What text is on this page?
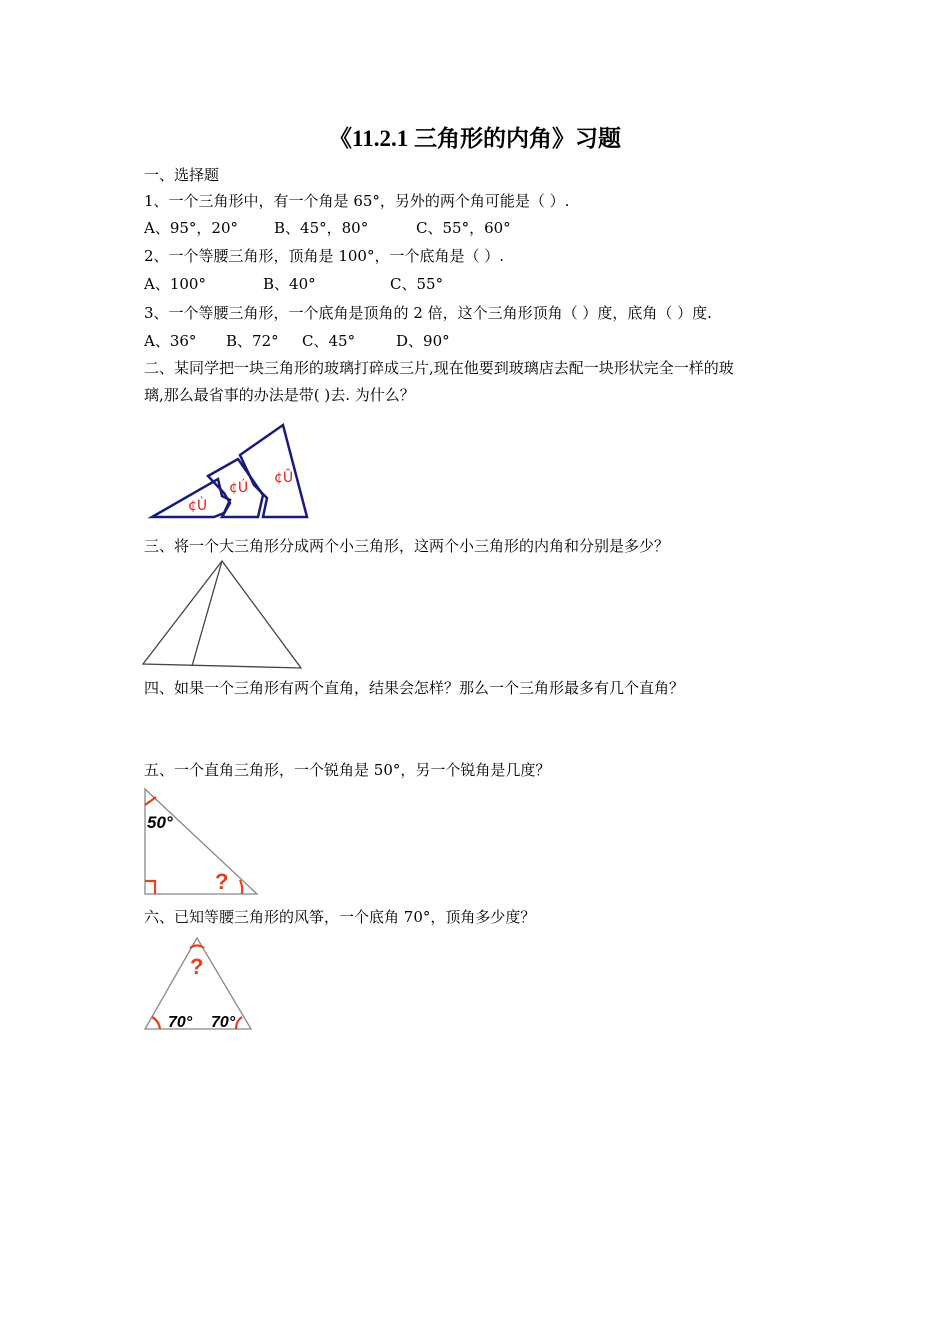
《11.2.1 三角形的内角》习题
一、选择题
1、一个三角形中，有一个角是 65°，另外的两个角可能是（ ）.
A、95°，20° B、45°，80°	C、55°，60°
2、一个等腰三角形，顶角是 100°，一个底角是（ ）.
A、100°	B、40°	C、55°
3、一个等腰三角形，一个底角是顶角的 2 倍，这个三角形顶角（ ）度，底角（ ）度.
A、36° B、72° C、45°	D、90°
二、某同学把一块三角形的玻璃打碎成三片,现在他要到玻璃店去配一块形状完全一样的玻
璃,那么最省事的办法是带( )去. 为什么？
¢Ù
¢Ú
¢Û
三、将一个大三角形分成两个小三角形，这两个小三角形的内角和分别是多少？
四、如果一个三角形有两个直角，结果会怎样？那么一个三角形最多有几个直角？
五、一个直角三角形，一个锐角是 50°，另一个锐角是几度？
50°
?
六、已知等腰三角形的风筝，一个底角 70°，顶角多少度？
?
70° 70°
